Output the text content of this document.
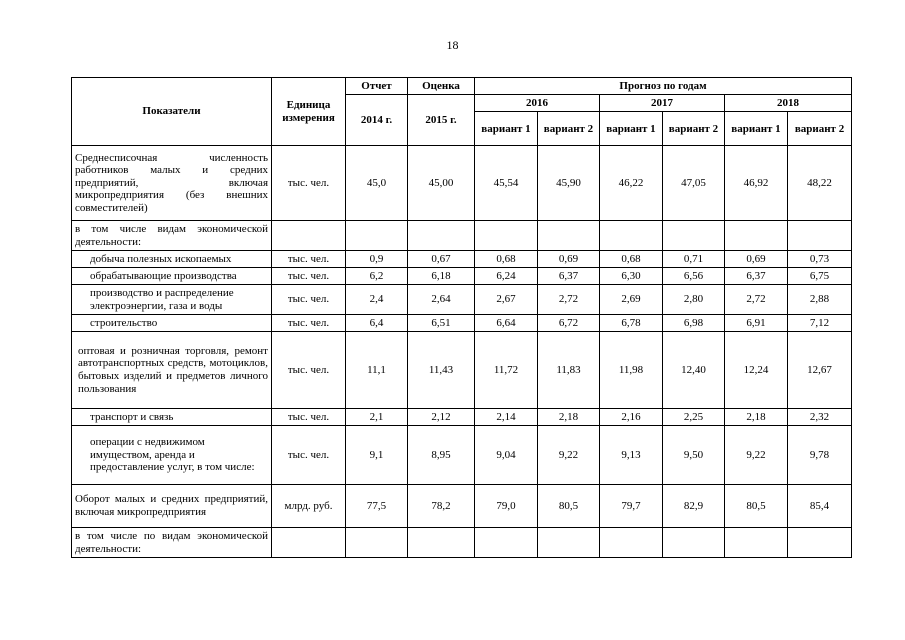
18
Показатели	Единица измерения	Отчет	Оценка	Прогноз по годам					
		2014 г.	2015 г.	2016		2017		2018	
				вариант 1	вариант 2	вариант 1	вариант 2	вариант 1	вариант 2
Среднесписочная численность работников малых и средних предприятий, включая микропредприятия (без внешних совместителей)	тыс. чел.	45,0	45,00	45,54	45,90	46,22	47,05	46,92	48,22
в том числе видам экономической деятельности:									
добыча полезных ископаемых	тыс. чел.	0,9	0,67	0,68	0,69	0,68	0,71	0,69	0,73
обрабатывающие производства	тыс. чел.	6,2	6,18	6,24	6,37	6,30	6,56	6,37	6,75
производство и распределение электроэнергии, газа и воды	тыс. чел.	2,4	2,64	2,67	2,72	2,69	2,80	2,72	2,88
строительство	тыс. чел.	6,4	6,51	6,64	6,72	6,78	6,98	6,91	7,12
оптовая и розничная торговля, ремонт автотранспортных средств, мотоциклов, бытовых изделий и предметов личного пользования	тыс. чел.	11,1	11,43	11,72	11,83	11,98	12,40	12,24	12,67
транспорт и связь	тыс. чел.	2,1	2,12	2,14	2,18	2,16	2,25	2,18	2,32
операции с недвижимом имуществом, аренда и предоставление услуг, в том числе:	тыс. чел.	9,1	8,95	9,04	9,22	9,13	9,50	9,22	9,78
Оборот малых и средних предприятий, включая микропредприятия	млрд. руб.	77,5	78,2	79,0	80,5	79,7	82,9	80,5	85,4
в том числе по видам экономической деятельности:									
